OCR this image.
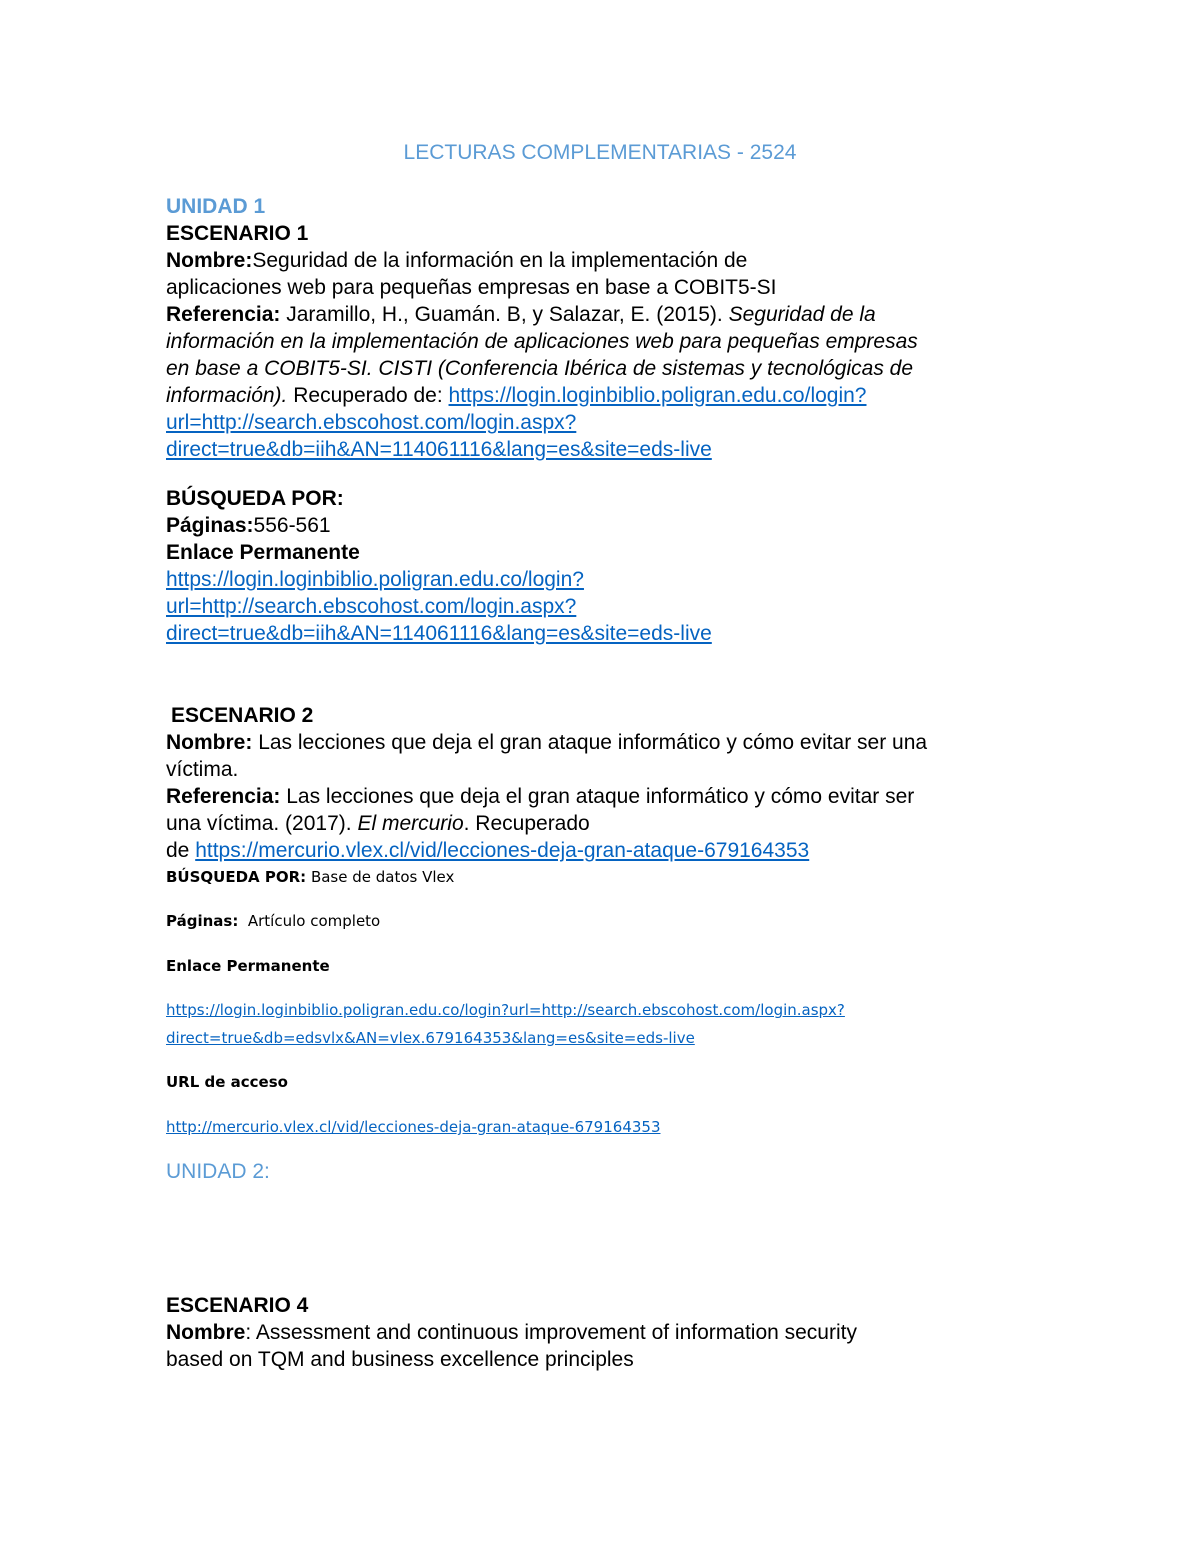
LECTURAS COMPLEMENTARIAS - 2524
UNIDAD 1
ESCENARIO 1
Nombre:Seguridad de la información en la implementación de
aplicaciones web para pequeñas empresas en base a COBIT5-SI
Referencia: Jaramillo, H., Guamán. B, y Salazar, E. (2015). Seguridad de la
información en la implementación de aplicaciones web para pequeñas empresas
en base a COBIT5-SI. CISTI (Conferencia Ibérica de sistemas y tecnológicas de
información). Recuperado de: https://login.loginbiblio.poligran.edu.co/login?
url=http://search.ebscohost.com/login.aspx?
direct=true&db=iih&AN=114061116&lang=es&site=eds-live
BÚSQUEDA POR:
Páginas:556-561
Enlace Permanente
https://login.loginbiblio.poligran.edu.co/login?
url=http://search.ebscohost.com/login.aspx?
direct=true&db=iih&AN=114061116&lang=es&site=eds-live
ESCENARIO 2
Nombre: Las lecciones que deja el gran ataque informático y cómo evitar ser una
víctima.
Referencia: Las lecciones que deja el gran ataque informático y cómo evitar ser
una víctima. (2017). El mercurio. Recuperado
de https://mercurio.vlex.cl/vid/lecciones-deja-gran-ataque-679164353
BÚSQUEDA POR: Base de datos Vlex
Páginas: Artículo completo
Enlace Permanente
https://login.loginbiblio.poligran.edu.co/login?url=http://search.ebscohost.com/login.aspx?
direct=true&db=edsvlx&AN=vlex.679164353&lang=es&site=eds-live
URL de acceso
http://mercurio.vlex.cl/vid/lecciones-deja-gran-ataque-679164353
UNIDAD 2:
ESCENARIO 4
Nombre: Assessment and continuous improvement of information security
based on TQM and business excellence principles
